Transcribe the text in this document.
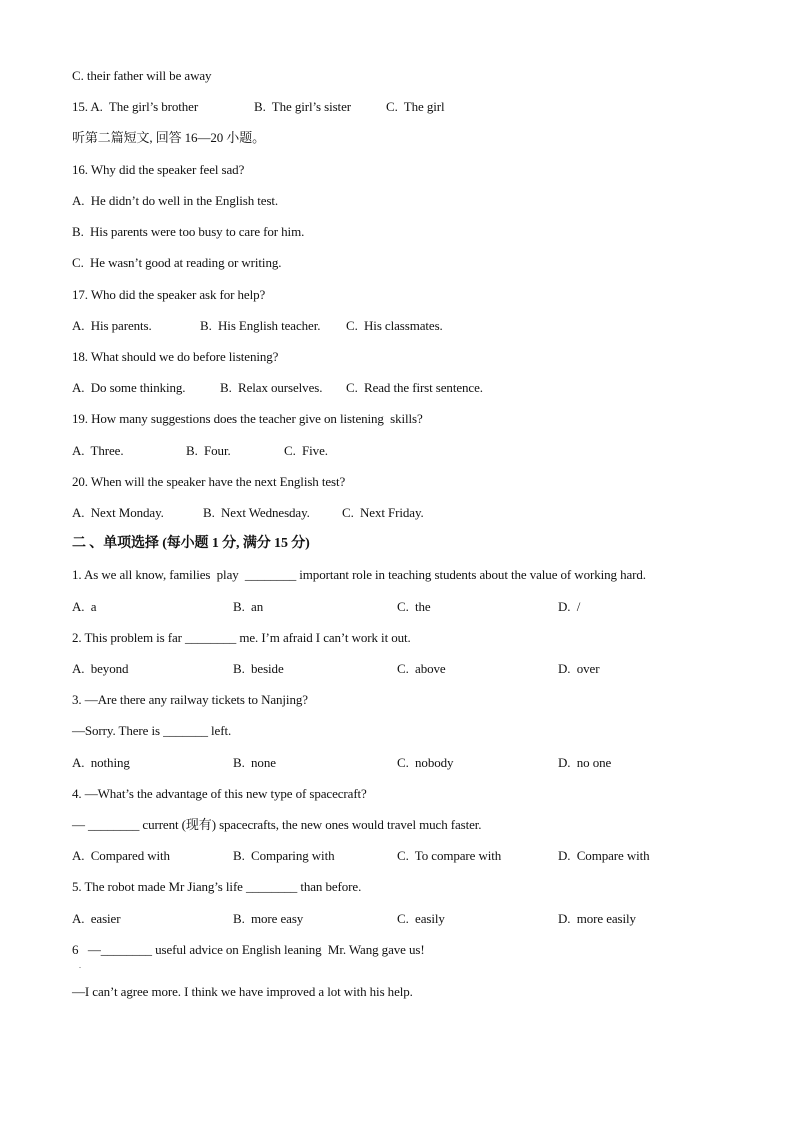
C. their father will be away
15. A.  The girl’s brother	B.  The girl’s sister	C.  The girl
听第二篇短文, 回答 16—20 小题。
16. Why did the speaker feel sad?
A.  He didn’t do well in the English test.
B.  His parents were too busy to care for him.
C.  He wasn’t good at reading or writing.
17. Who did the speaker ask for help?
A.  His parents.	B.  His English teacher. C.  His classmates.
18. What should we do before listening?
A.  Do some thinking.	B.  Relax ourselves. C.  Read the first sentence.
19. How many suggestions does the teacher give on listening  skills?
A.  Three.	B.  Four.	C.  Five.
20. When will the speaker have the next English test?
A.  Next Monday.	B.  Next Wednesday. C.  Next Friday.
二 、单项选择 (每小题 1 分, 满分 15 分)
1. As we all know, families  play  ________ important role in teaching students about the value of working hard.
A.  a	B.  an	C.  the	D.  /
2. This problem is far ________ me. I’m afraid I can’t work it out.
A.  beyond	B.  beside	C.  above	D.  over
3. —Are there any railway tickets to Nanjing?
—Sorry. There is _______ left.
A.  nothing	B.  none	C.  nobody	D.  no one
4. —What’s the advantage of this new type of spacecraft?
— ________ current (现有) spacecrafts, the new ones would travel much faster.
A.  Compared with	B.  Comparing with	C.  To compare with	D.  Compare with
5. The robot made Mr Jiang’s life ________ than before.
A.  easier	B.  more easy	C.  easily	D.  more easily
6   —________ useful advice on English leaning  Mr. Wang gave us!
.
—I can’t agree more. I think we have improved a lot with his help.
